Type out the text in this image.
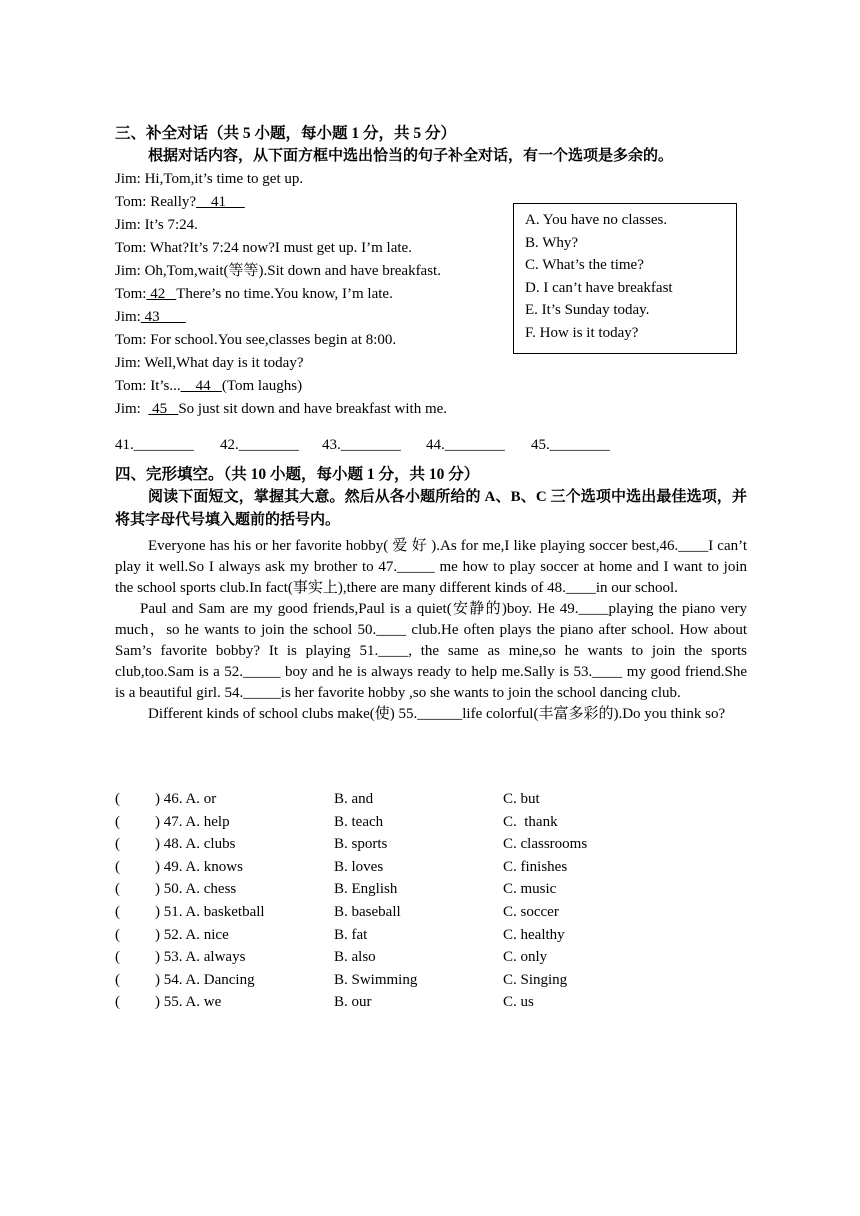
三、补全对话（共 5 小题，每小题 1 分，共 5 分）

根据对话内容，从下面方框中选出恰当的句子补全对话，有一个选项是多余的。

Jim: Hi,Tom,it’s time to get up.

Tom: Really?    41

Jim: It’s 7:24.

Tom: What?It’s 7:24 now?I must get up. I’m late.

Jim: Oh,Tom,wait(等等).Sit down and have breakfast.

Tom: 42   There’s no time.You know, I’m late.

Jim: 43

Tom: For school.You see,classes begin at 8:00.

Jim: Well,What day is it today?

Tom: It’s...    44   (Tom laughs)

Jim:   45   So just sit down and have breakfast with me.

A. You have no classes.
B. Why?
C. What’s the time?
D. I can’t have breakfast
E. It’s Sunday today.
F. How is it today?
41.________ 42.________ 43.________ 44.________ 45.________

四、完形填空。（共 10 小题，每小题 1 分，共 10 分）

阅读下面短文，掌握其大意。然后从各小题所给的 A、B、C 三个选项中选出最佳选项，并将其字母代号填入题前的括号内。

Everyone has his or her favorite hobby( 爱 好 ).As for me,I like playing soccer best,46.____I can’t play it well.So I always ask my brother to 47._____ me how to play soccer at home and I want to join the school sports club.In fact(事实上),there are many different kinds of 48.____in our school.

Paul and Sam are my good friends,Paul is a quiet(安静的)boy. He 49.____playing the piano very much，so he wants to join the school 50.____ club.He often plays the piano after school. How about Sam’s favorite bobby? It is playing 51.____, the same as mine,so he wants to join the sports club,too.Sam is a 52._____ boy and he is always ready to help me.Sally is 53.____ my good friend.She is a beautiful girl. 54._____is her favorite hobby ,so she wants to join the school dancing club.

Different kinds of school clubs make(使) 55.______life colorful(丰富多彩的).Do you think so?

( ) 46. A. or	B. and	C. but
( ) 47. A. help	B. teach	C.  thank
( ) 48. A. clubs	B. sports	C. classrooms
( ) 49. A. knows	B. loves	C. finishes
( ) 50. A. chess	B. English	C. music
( ) 51. A. basketball	B. baseball	C. soccer
( ) 52. A. nice	B. fat	C. healthy
( ) 53. A. always	B. also	C. only
( ) 54. A. Dancing	B. Swimming	C. Singing
( ) 55. A. we	B. our	C. us
